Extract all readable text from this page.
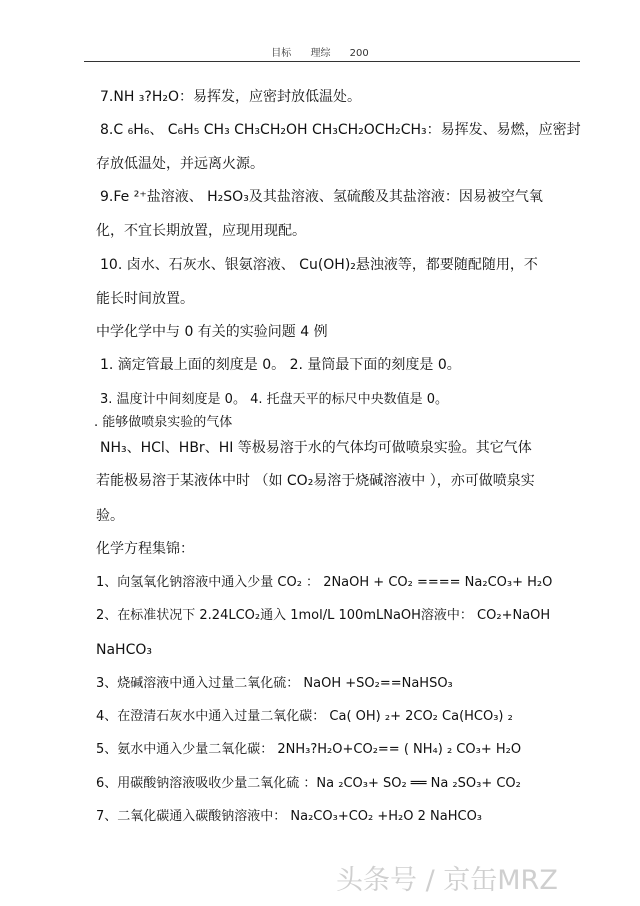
目标 理综 200
7.NH ₃?H₂O：易挥发，应密封放低温处。
8.C ₆H₆、 C₆H₅ CH₃ CH₃CH₂OH CH₃CH₂OCH₂CH₃：易挥发、易燃，应密封
存放低温处，并远离火源。
9.Fe ²⁺盐溶液、 H₂SO₃及其盐溶液、氢硫酸及其盐溶液：因易被空气氧
化，不宜长期放置，应现用现配。
10. 卤水、石灰水、银氨溶液、 Cu(OH)₂悬浊液等，都要随配随用，不
能长时间放置。
中学化学中与 0 有关的实验问题 4 例
1. 滴定管最上面的刻度是 0。 2. 量筒最下面的刻度是 0。
3. 温度计中间刻度是 0。 4. 托盘天平的标尺中央数值是 0。
. 能够做喷泉实验的气体
NH₃、HCl、HBr、HI 等极易溶于水的气体均可做喷泉实验。其它气体
若能极易溶于某液体中时 （如 CO₂易溶于烧碱溶液中 ），亦可做喷泉实
验。
化学方程集锦：
1、向氢氧化钠溶液中通入少量 CO₂ ： 2NaOH + CO₂ ==== Na₂CO₃+ H₂O
2、在标准状况下 2.24LCO₂通入 1mol/L 100mLNaOH溶液中： CO₂+NaOH
NaHCO₃
3、烧碱溶液中通入过量二氧化硫： NaOH +SO₂==NaHSO₃
4、在澄清石灰水中通入过量二氧化碳： Ca( OH) ₂+ 2CO₂ Ca(HCO₃) ₂
5、氨水中通入少量二氧化碳： 2NH₃?H₂O+CO₂== ( NH₄) ₂ CO₃+ H₂O
6、用碳酸钠溶液吸收少量二氧化硫 ：Na ₂CO₃+ SO₂ ══ Na ₂SO₃+ CO₂
7、二氧化碳通入碳酸钠溶液中： Na₂CO₃+CO₂ +H₂O 2 NaHCO₃
头条号 / 京缶MRZ
